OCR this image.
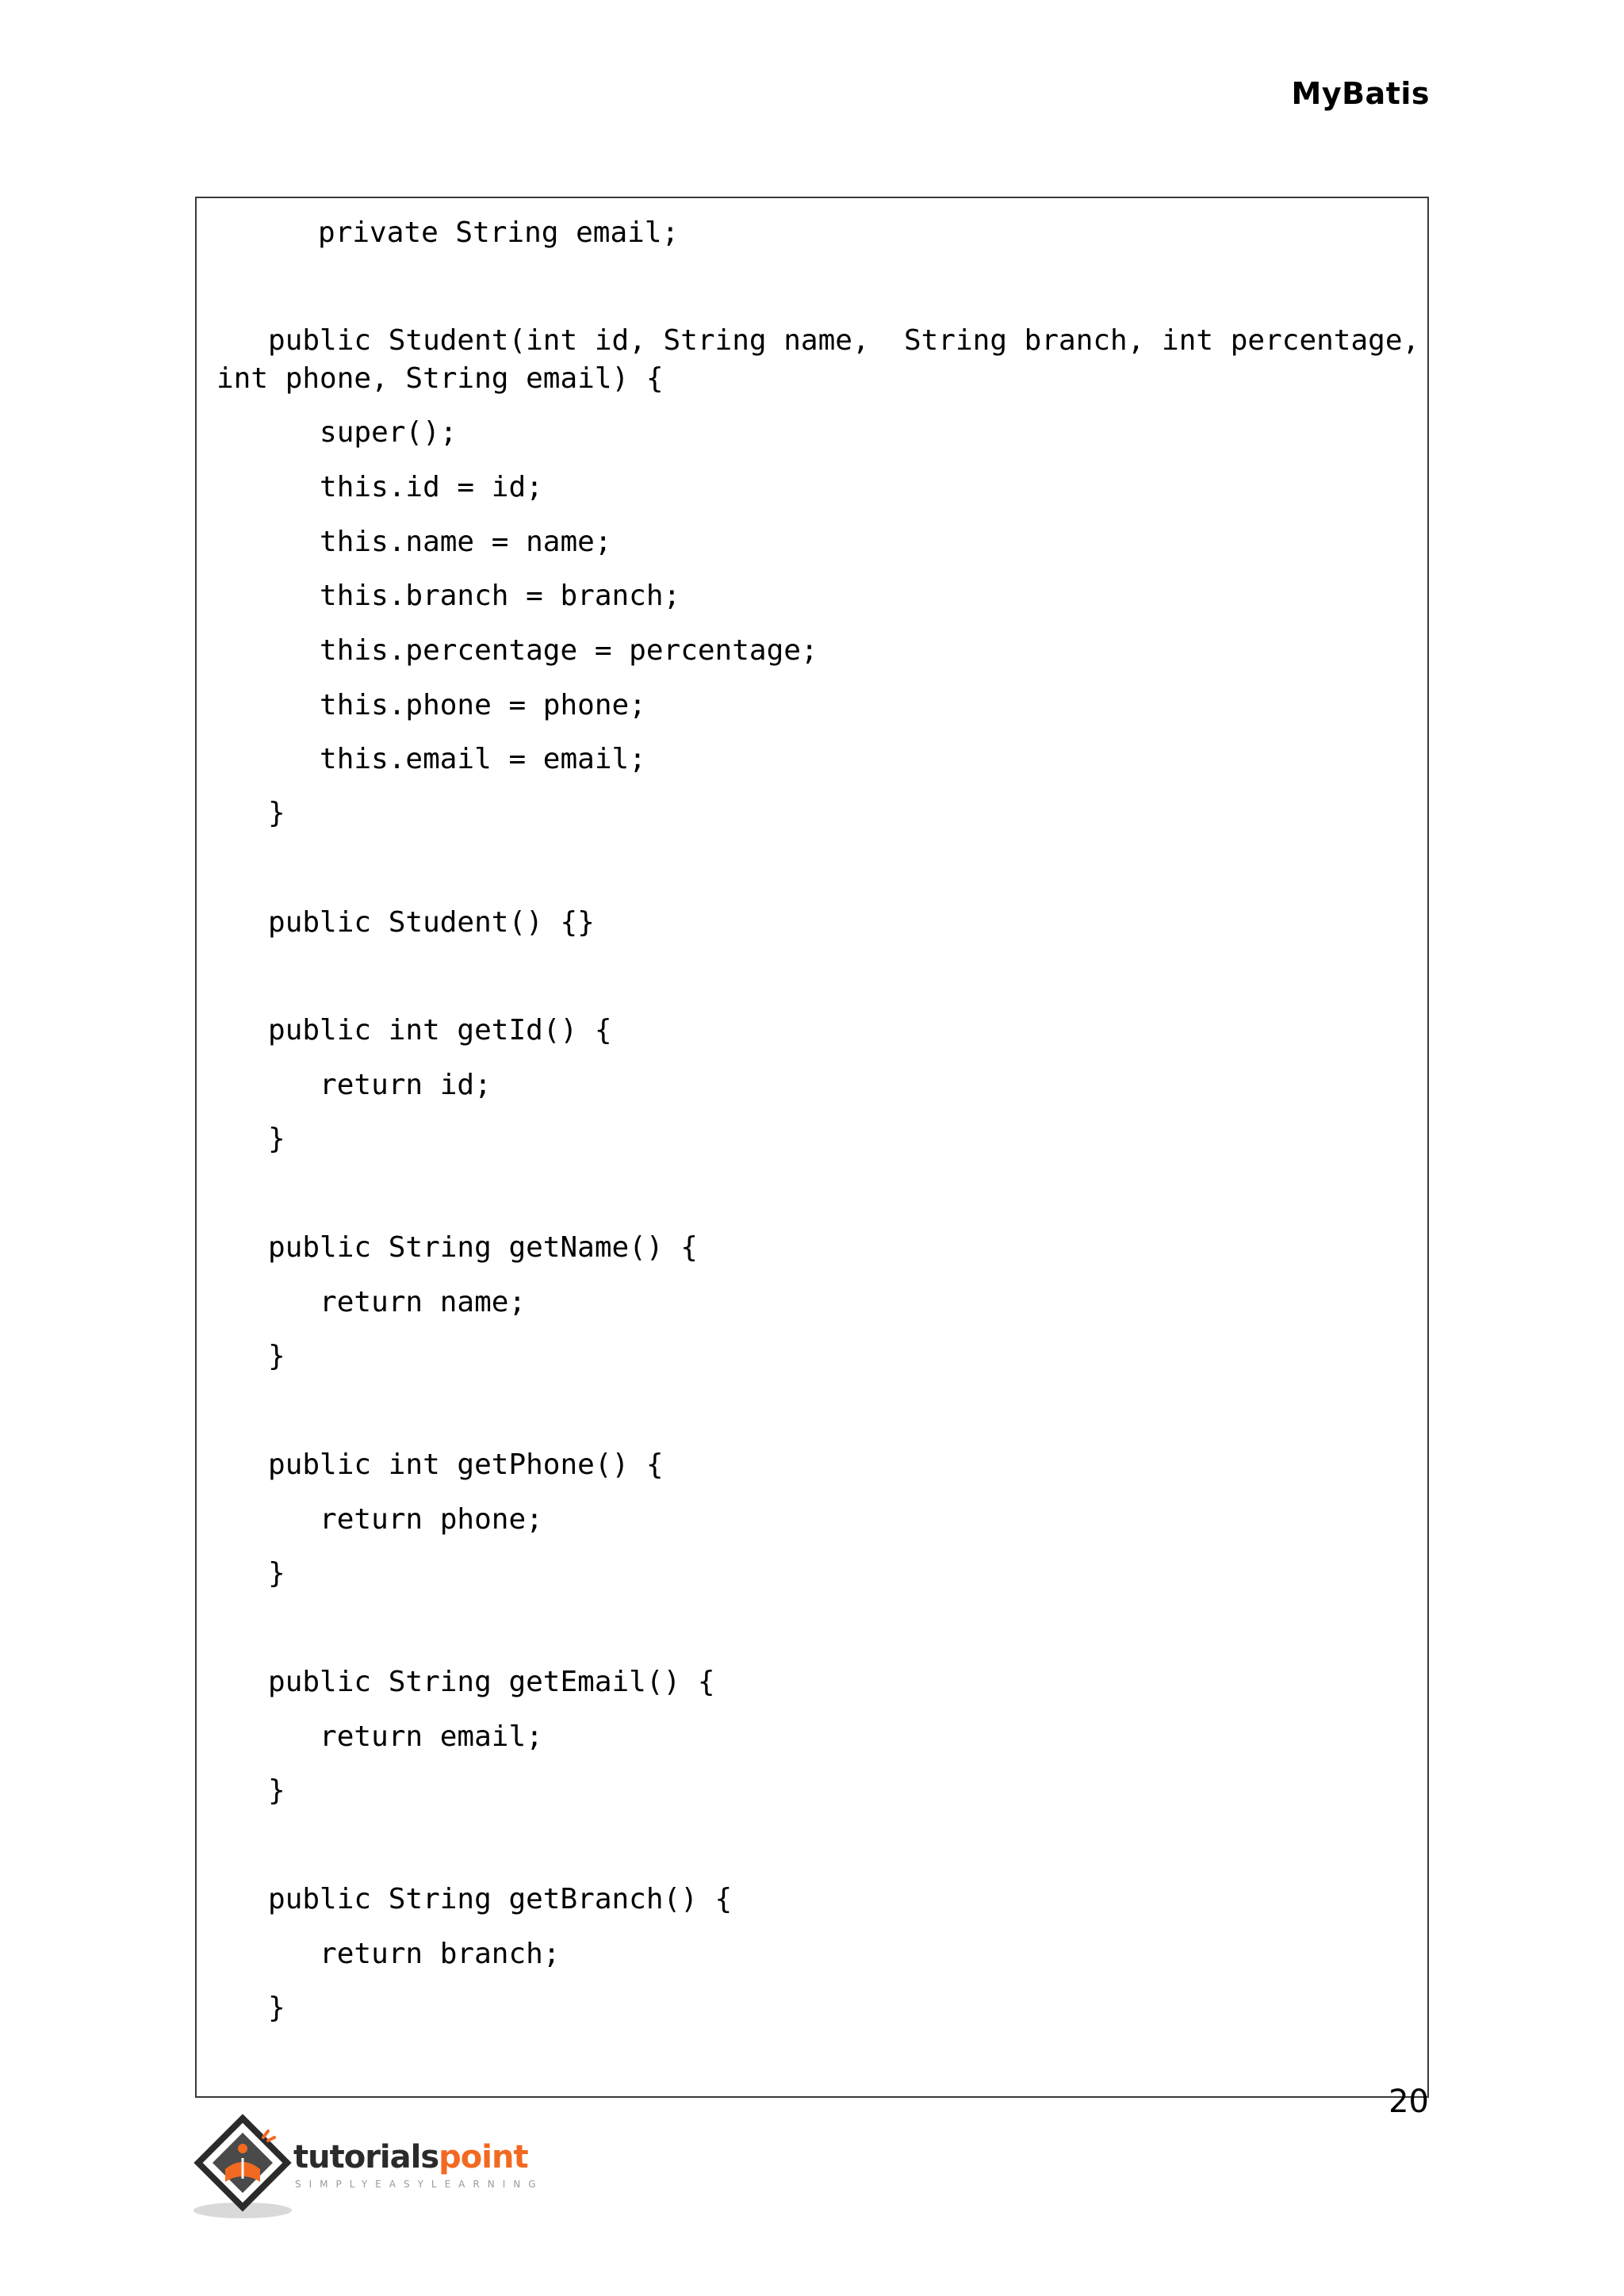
MyBatis
private String email;
public Student(int id, String name,  String branch, int percentage,
int phone, String email) {
super();
this.id = id;
this.name = name;
this.branch = branch;
this.percentage = percentage;
this.phone = phone;
this.email = email;
}
public Student() {}
public int getId() {
return id;
}
public String getName() {
return name;
}
public int getPhone() {
return phone;
}
public String getEmail() {
return email;
}
public String getBranch() {
return branch;
}
20
tutorialspoint
SIMPLYEASYLEARNING
